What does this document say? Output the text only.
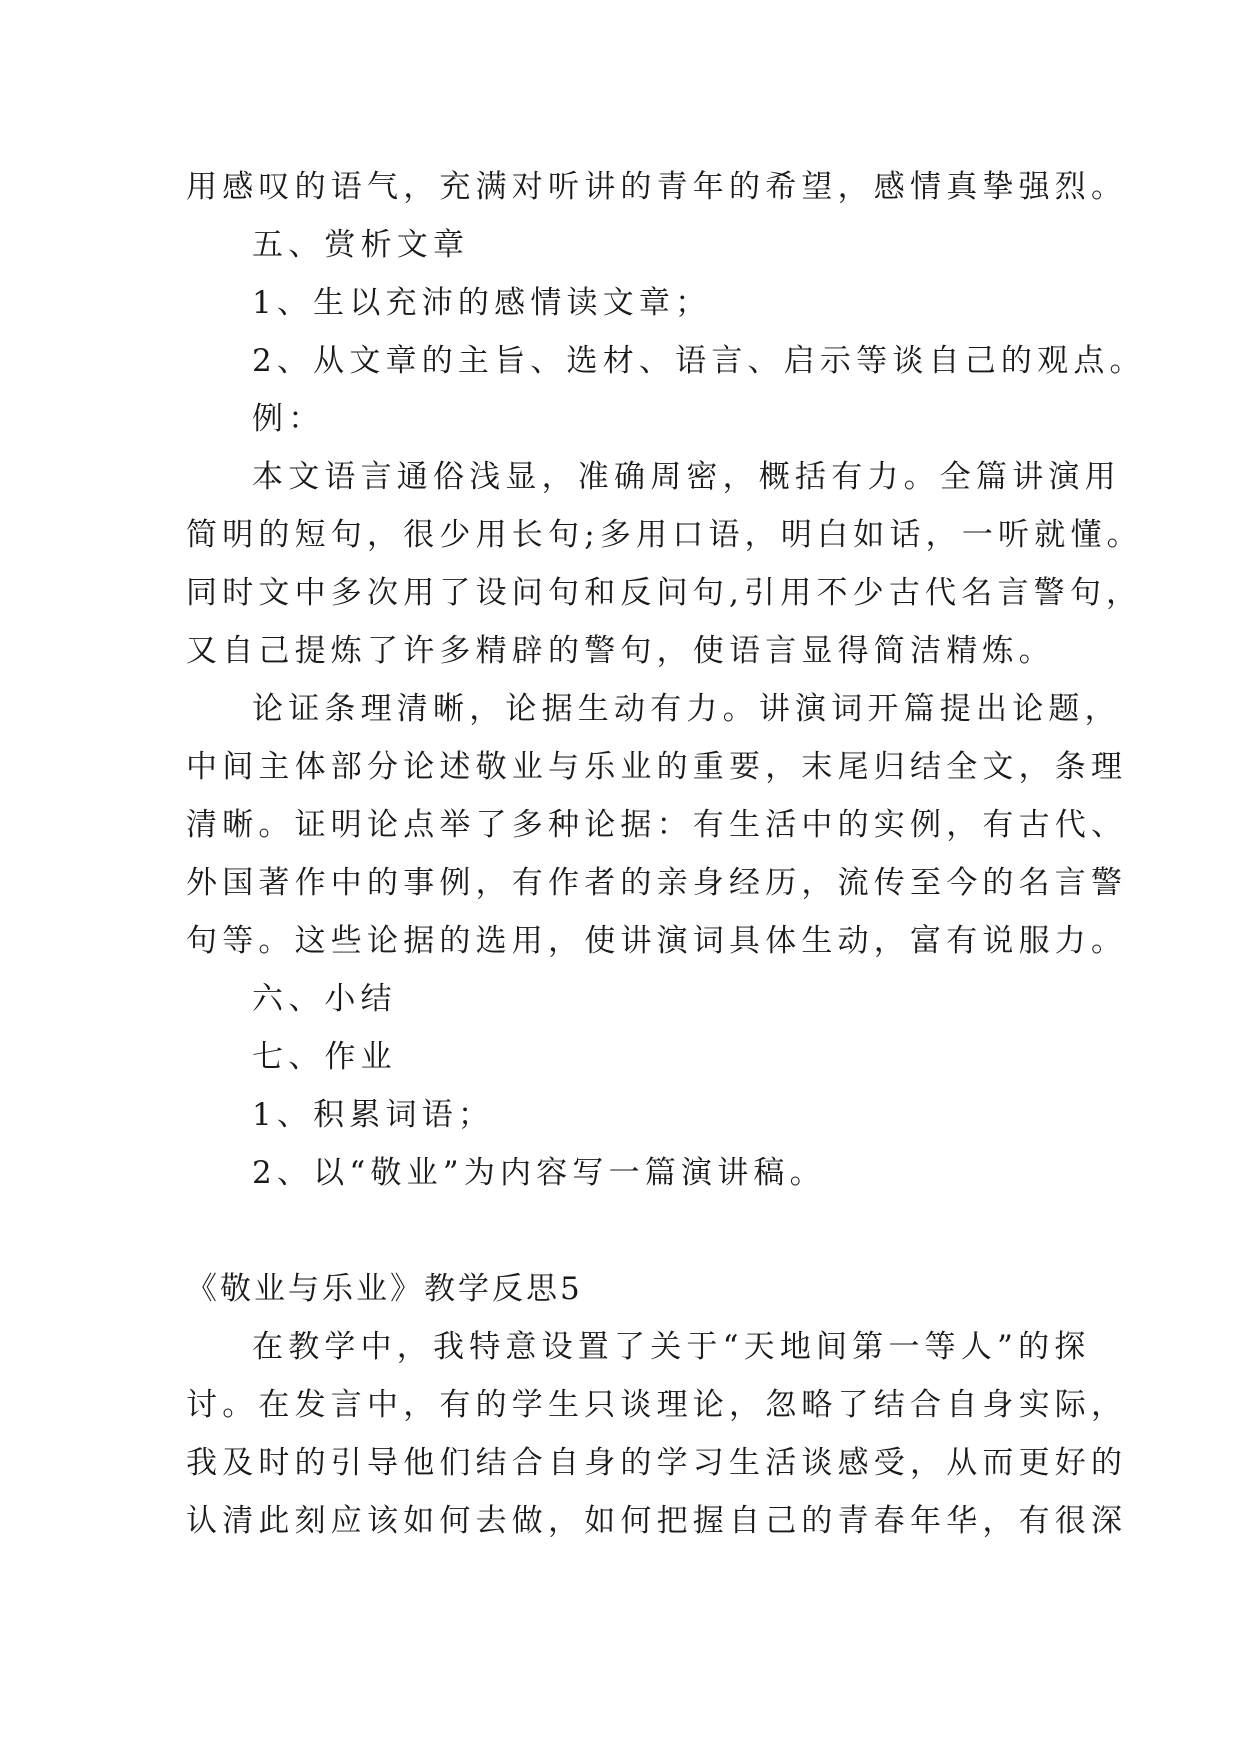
用感叹的语气，充满对听讲的青年的希望，感情真挚强烈。

五、赏析文章

1、生以充沛的感情读文章；

2、从文章的主旨、选材、语言、启示等谈自己的观点。

例：

本文语言通俗浅显，准确周密，概括有力。全篇讲演用

简明的短句，很少用长句;多用口语，明白如话，一听就懂。

同时文中多次用了设问句和反问句,引用不少古代名言警句，

又自己提炼了许多精辟的警句，使语言显得简洁精炼。

论证条理清晰，论据生动有力。讲演词开篇提出论题，

中间主体部分论述敬业与乐业的重要，末尾归结全文，条理

清晰。证明论点举了多种论据：有生活中的实例，有古代、

外国著作中的事例，有作者的亲身经历，流传至今的名言警

句等。这些论据的选用，使讲演词具体生动，富有说服力。

六、小结

七、作业

1、积累词语；

2、以“敬业”为内容写一篇演讲稿。

《敬业与乐业》教学反思5

在教学中，我特意设置了关于“天地间第一等人”的探

讨。在发言中，有的学生只谈理论，忽略了结合自身实际，

我及时的引导他们结合自身的学习生活谈感受，从而更好的

认清此刻应该如何去做，如何把握自己的青春年华，有很深
